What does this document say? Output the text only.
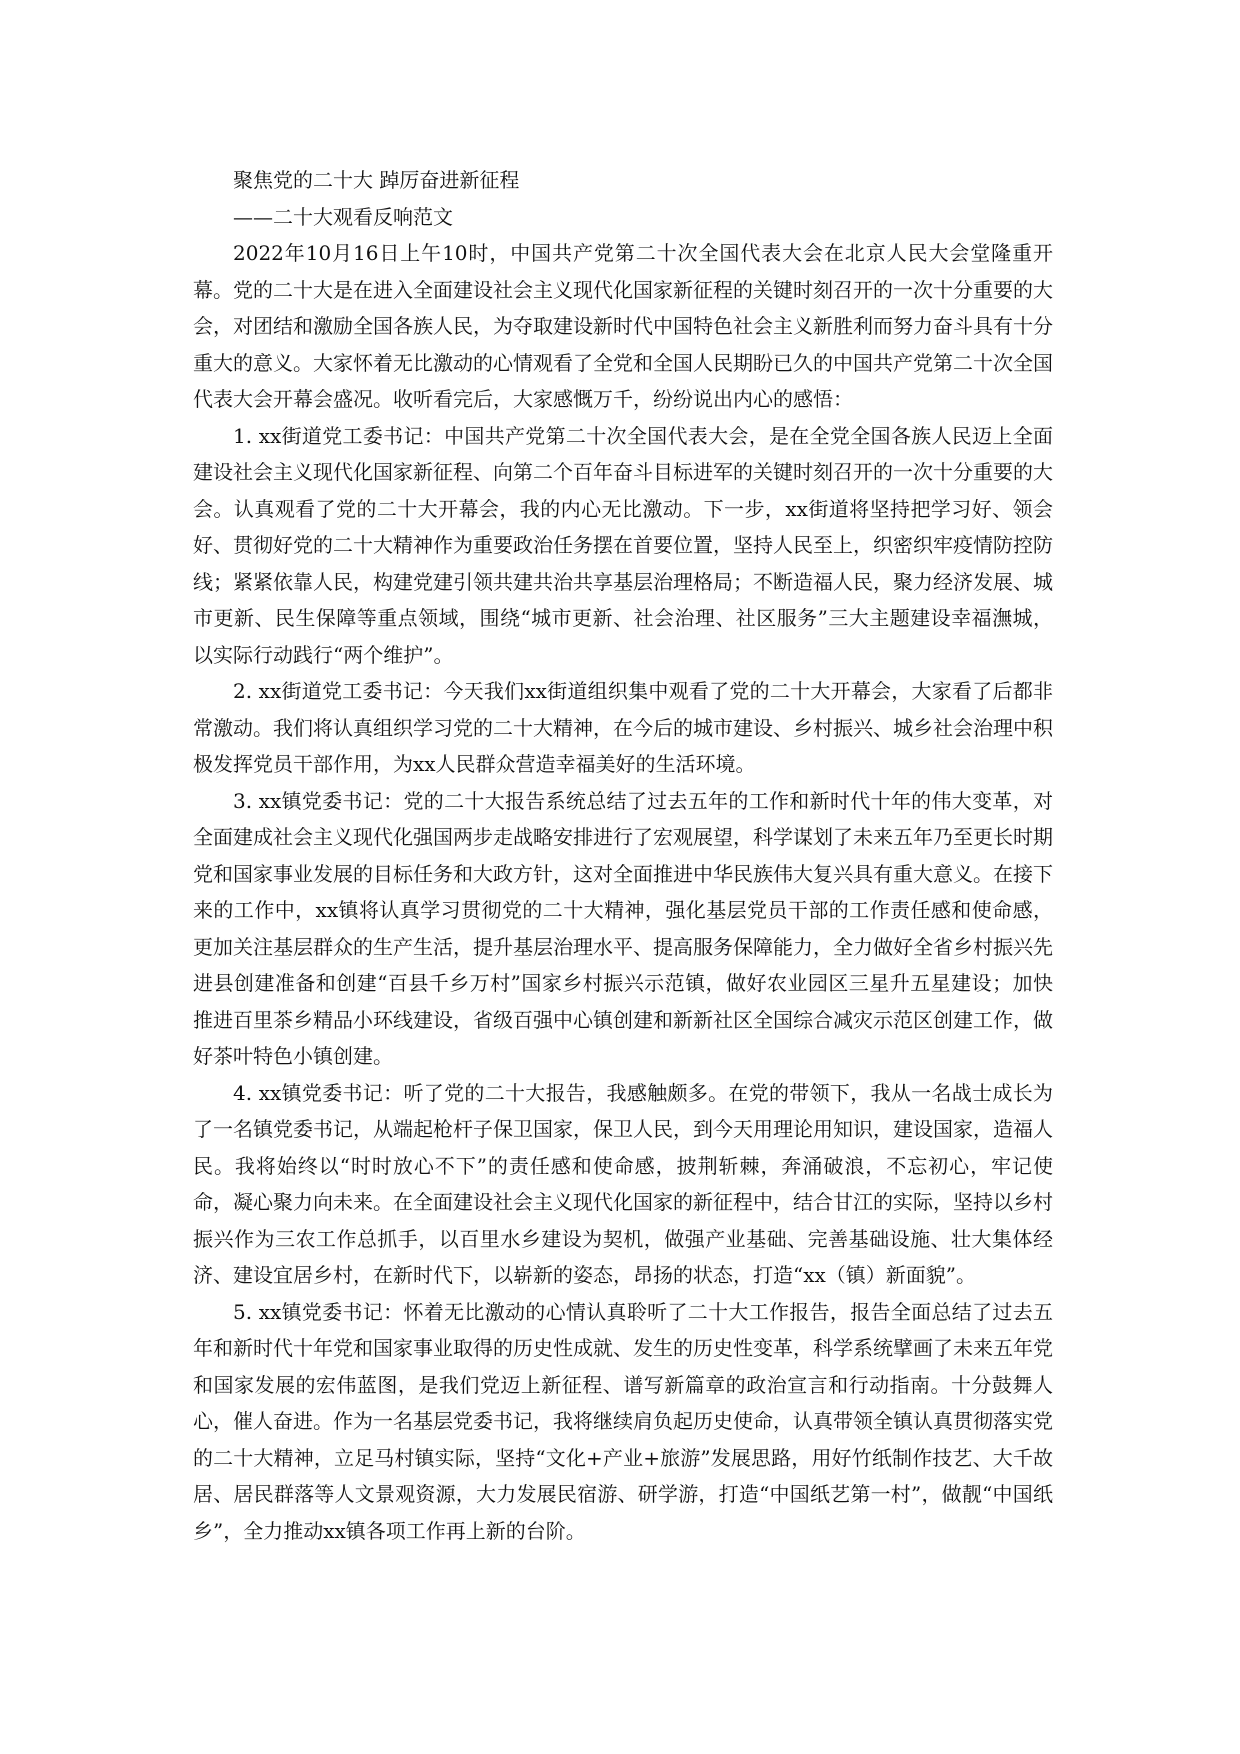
聚焦党的二十大 踔厉奋进新征程
——二十大观看反响范文

2022年10月16日上午10时，中国共产党第二十次全国代表大会在北京人民大会堂隆重开幕。党的二十大是在进入全面建设社会主义现代化国家新征程的关键时刻召开的一次十分重要的大会，对团结和激励全国各族人民，为夺取建设新时代中国特色社会主义新胜利而努力奋斗具有十分重大的意义。大家怀着无比激动的心情观看了全党和全国人民期盼已久的中国共产党第二十次全国代表大会开幕会盛况。收听看完后，大家感慨万千，纷纷说出内心的感悟：

1. xx街道党工委书记：中国共产党第二十次全国代表大会，是在全党全国各族人民迈上全面建设社会主义现代化国家新征程、向第二个百年奋斗目标进军的关键时刻召开的一次十分重要的大会。认真观看了党的二十大开幕会，我的内心无比激动。下一步，xx街道将坚持把学习好、领会好、贯彻好党的二十大精神作为重要政治任务摆在首要位置，坚持人民至上，织密织牢疫情防控防线；紧紧依靠人民，构建党建引领共建共治共享基层治理格局；不断造福人民，聚力经济发展、城市更新、民生保障等重点领域，围绕“城市更新、社会治理、社区服务”三大主题建设幸福潕城，以实际行动践行“两个维护”。

2. xx街道党工委书记：今天我们xx街道组织集中观看了党的二十大开幕会，大家看了后都非常激动。我们将认真组织学习党的二十大精神，在今后的城市建设、乡村振兴、城乡社会治理中积极发挥党员干部作用，为xx人民群众营造幸福美好的生活环境。

3. xx镇党委书记：党的二十大报告系统总结了过去五年的工作和新时代十年的伟大变革，对全面建成社会主义现代化强国两步走战略安排进行了宏观展望，科学谋划了未来五年乃至更长时期党和国家事业发展的目标任务和大政方针，这对全面推进中华民族伟大复兴具有重大意义。在接下来的工作中，xx镇将认真学习贯彻党的二十大精神，强化基层党员干部的工作责任感和使命感，更加关注基层群众的生产生活，提升基层治理水平、提高服务保障能力，全力做好全省乡村振兴先进县创建准备和创建“百县千乡万村”国家乡村振兴示范镇，做好农业园区三星升五星建设；加快推进百里茶乡精品小环线建设，省级百强中心镇创建和新新社区全国综合减灾示范区创建工作，做好茶叶特色小镇创建。

4. xx镇党委书记：听了党的二十大报告，我感触颇多。在党的带领下，我从一名战士成长为了一名镇党委书记，从端起枪杆子保卫国家，保卫人民，到今天用理论用知识，建设国家，造福人民。我将始终以“时时放心不下”的责任感和使命感，披荆斩棘，奔涌破浪，不忘初心，牢记使命，凝心聚力向未来。在全面建设社会主义现代化国家的新征程中，结合甘江的实际，坚持以乡村振兴作为三农工作总抓手，以百里水乡建设为契机，做强产业基础、完善基础设施、壮大集体经济、建设宜居乡村，在新时代下，以崭新的姿态，昂扬的状态，打造“xx（镇）新面貌”。

5. xx镇党委书记：怀着无比激动的心情认真聆听了二十大工作报告，报告全面总结了过去五年和新时代十年党和国家事业取得的历史性成就、发生的历史性变革，科学系统擘画了未来五年党和国家发展的宏伟蓝图，是我们党迈上新征程、谱写新篇章的政治宣言和行动指南。十分鼓舞人心，催人奋进。作为一名基层党委书记，我将继续肩负起历史使命，认真带领全镇认真贯彻落实党的二十大精神，立足马村镇实际，坚持“文化+产业+旅游”发展思路，用好竹纸制作技艺、大千故居、居民群落等人文景观资源，大力发展民宿游、研学游，打造“中国纸艺第一村”，做靓“中国纸乡”，全力推动xx镇各项工作再上新的台阶。
